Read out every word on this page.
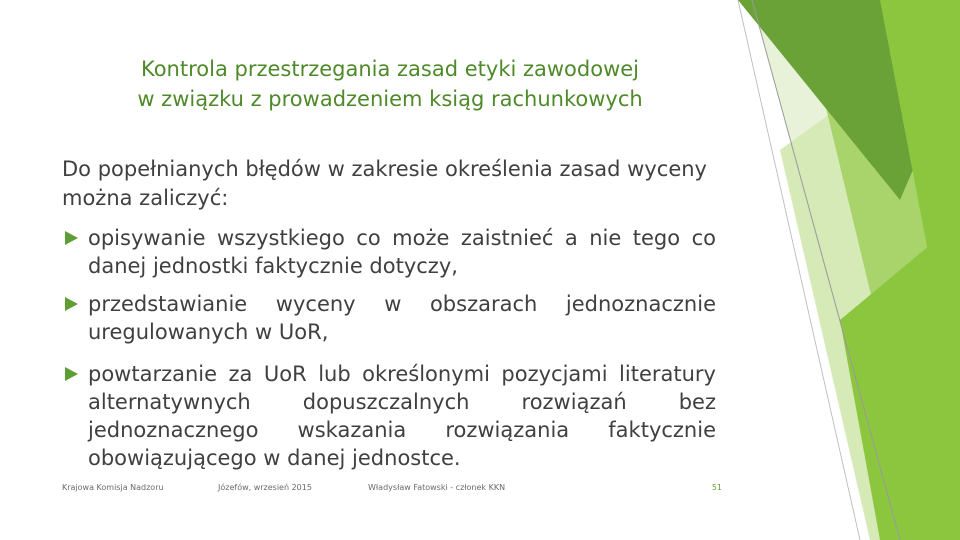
Kontrola przestrzegania zasad etyki zawodowej
w związku z prowadzeniem ksiąg rachunkowych
Do popełnianych błędów w zakresie określenia zasad wyceny
można zaliczyć:
opisywanie wszystkiego co może zaistnieć a nie tego co danej jednostki faktycznie dotyczy,
przedstawianie wyceny w obszarach jednoznacznie uregulowanych w UoR,
powtarzanie za UoR lub określonymi pozycjami literatury alternatywnych dopuszczalnych rozwiązań bez jednoznacznego wskazania rozwiązania faktycznie obowiązującego w danej jednostce.
Krajowa Komisja Nadzoru	Józefów, wrzesień 2015	Władysław Fatowski - członek KKN	51
